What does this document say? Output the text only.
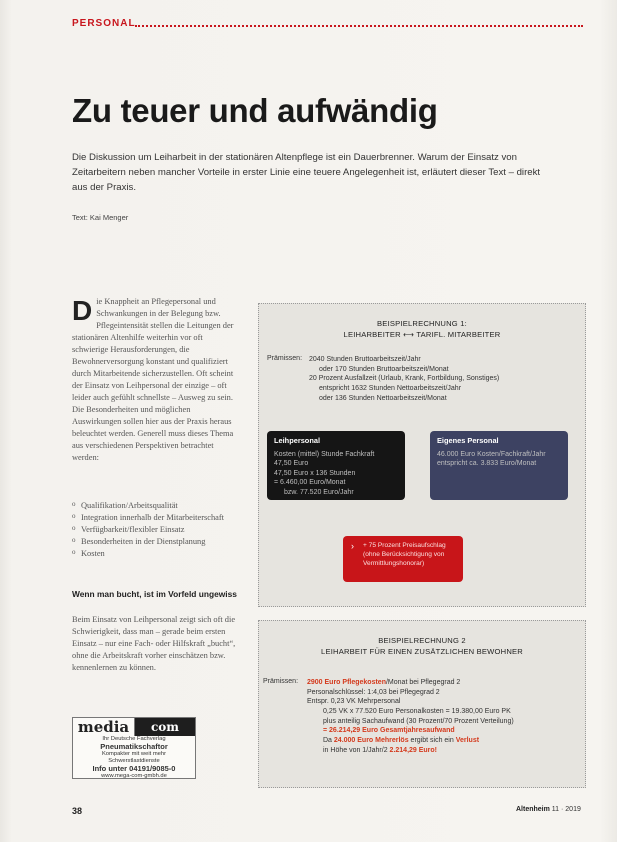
PERSONAL
Zu teuer und aufwändig

Die Diskussion um Leiharbeit in der stationären Altenpflege ist ein Dauerbrenner. Warum der Einsatz von Zeitarbeitern neben mancher Vorteile in erster Linie eine teuere Angelegenheit ist, erläutert dieser Text – direkt aus der Praxis.

Text: Kai Menger

Die Knappheit an Pflegepersonal und Schwankungen in der Belegung bzw. Pflegeintensität stellen die Leitungen der stationären Altenhilfe weiterhin vor oft schwierige Herausforderungen, die Bewohnerversorgung konstant und qualifiziert durch Mitarbeitende sicherzustellen. Oft scheint der Einsatz von Leihpersonal der einzige – oft leider auch gefühlt schnellste – Ausweg zu sein. Die Besonderheiten und möglichen Auswirkungen sollen hier aus der Praxis heraus beleuchtet werden. Generell muss dieses Thema aus verschiedenen Perspektiven betrachtet werden:

o Qualifikation/Arbeitsqualität
o Integration innerhalb der Mitarbeiterschaft
o Verfügbarkeit/flexibler Einsatz
o Besonderheiten in der Dienstplanung
o Kosten
Wenn man bucht, ist im Vorfeld ungewiss

Beim Einsatz von Leihpersonal zeigt sich oft die Schwierigkeit, dass man – gerade beim ersten Einsatz – nur eine Fach- oder Hilfskraft „bucht“, ohne die Arbeitskraft vorher einschätzen bzw. kennenlernen zu können.

media	com
Ihr Deutsche Fachverlag
Pneumatikschaftor
Kompakter mit weit mehr
Schwerstlastdienste
Info unter 04191/9085-0
www.mega-com-gmbh.de
BEISPIELRECHNUNG 1:
LEIHARBEITER ⟷ TARIFL. MITARBEITER
Prämissen: 2040 Stunden Bruttoarbeitszeit/Jahr
oder 170 Stunden Bruttoarbeitszeit/Monat
20 Prozent Ausfallzeit (Urlaub, Krank, Fortbildung, Sonstiges)
entspricht 1632 Stunden Nettoarbeitszeit/Jahr
oder 136 Stunden Nettoarbeitszeit/Monat
Leihpersonal
Kosten (mittel) Stunde Fachkraft
47,50 Euro
47,50 Euro x 136 Stunden
= 6.460,00 Euro/Monat
bzw. 77.520 Euro/Jahr
Eigenes Personal
46.000 Euro Kosten/Fachkraft/Jahr
entspricht ca. 3.833 Euro/Monat
› + 75 Prozent Preisaufschlag (ohne Berücksichtigung von Vermittlungshonorar)
BEISPIELRECHNUNG 2
LEIHARBEIT FÜR EINEN ZUSÄTZLICHEN BEWOHNER
Prämissen: 2900 Euro Pflegekosten/Monat bei Pflegegrad 2
Personalschlüssel: 1:4,03 bei Pflegegrad 2
Entspr. 0,23 VK Mehrpersonal
0,25 VK x 77.520 Euro Personalkosten = 19.380,00 Euro PK
plus anteilig Sachaufwand (30 Prozent/70 Prozent Verteilung)
= 26.214,29 Euro Gesamtjahresaufwand
Da 24.000 Euro Mehrerlös ergibt sich ein Verlust
in Höhe von 1/Jahr/2 2.214,29 Euro!
38	Altenheim 11 · 2019
